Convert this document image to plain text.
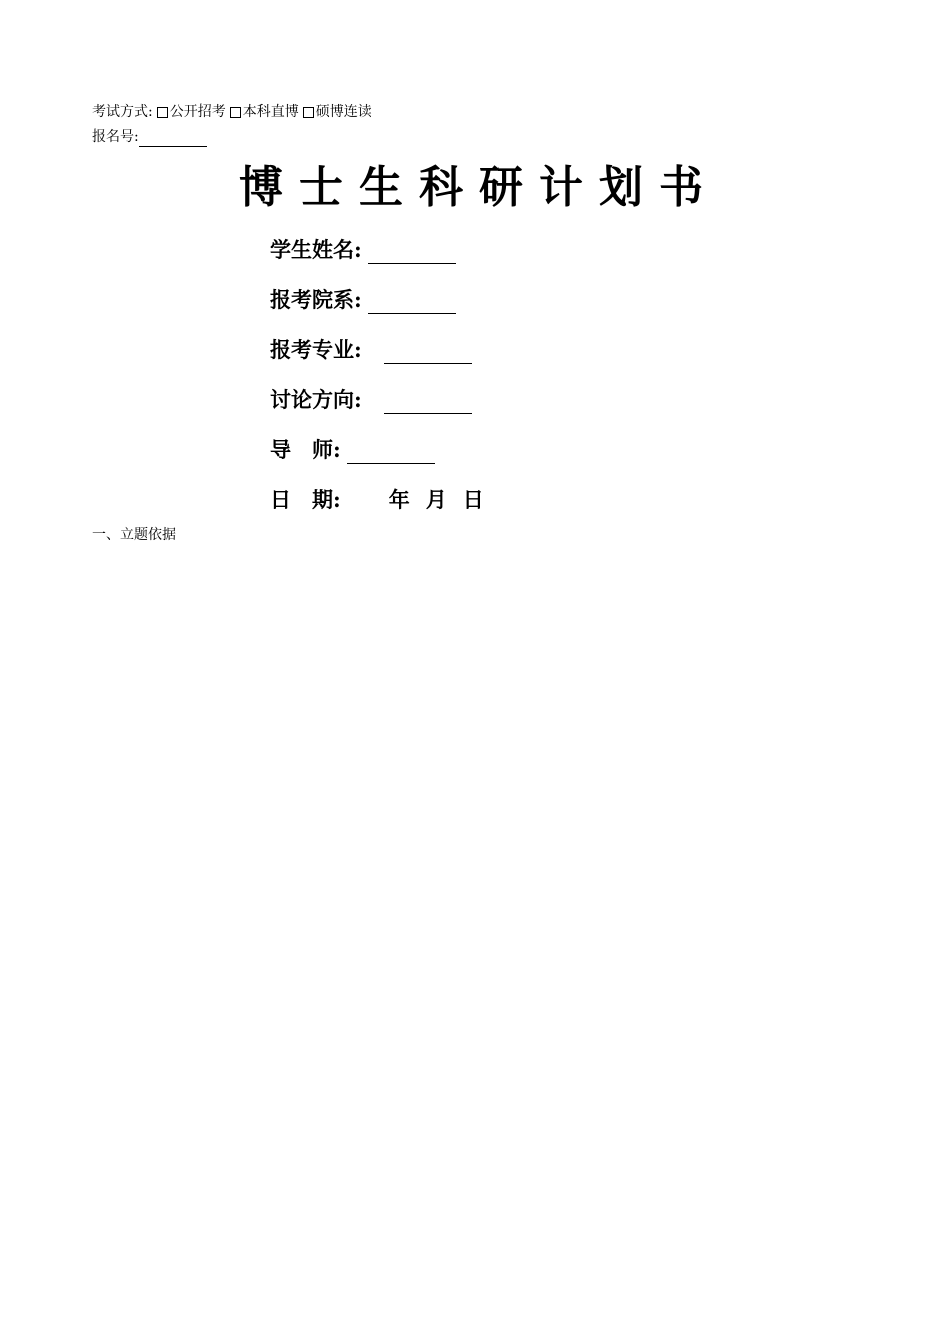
考试方式: 公开招考 本科直博 硕博连读
报名号:
博士生科研计划书
学生姓名:
报考院系:
报考专业:
讨论方向:
导　师:
日　期: 年 月 日
一、立题依据
